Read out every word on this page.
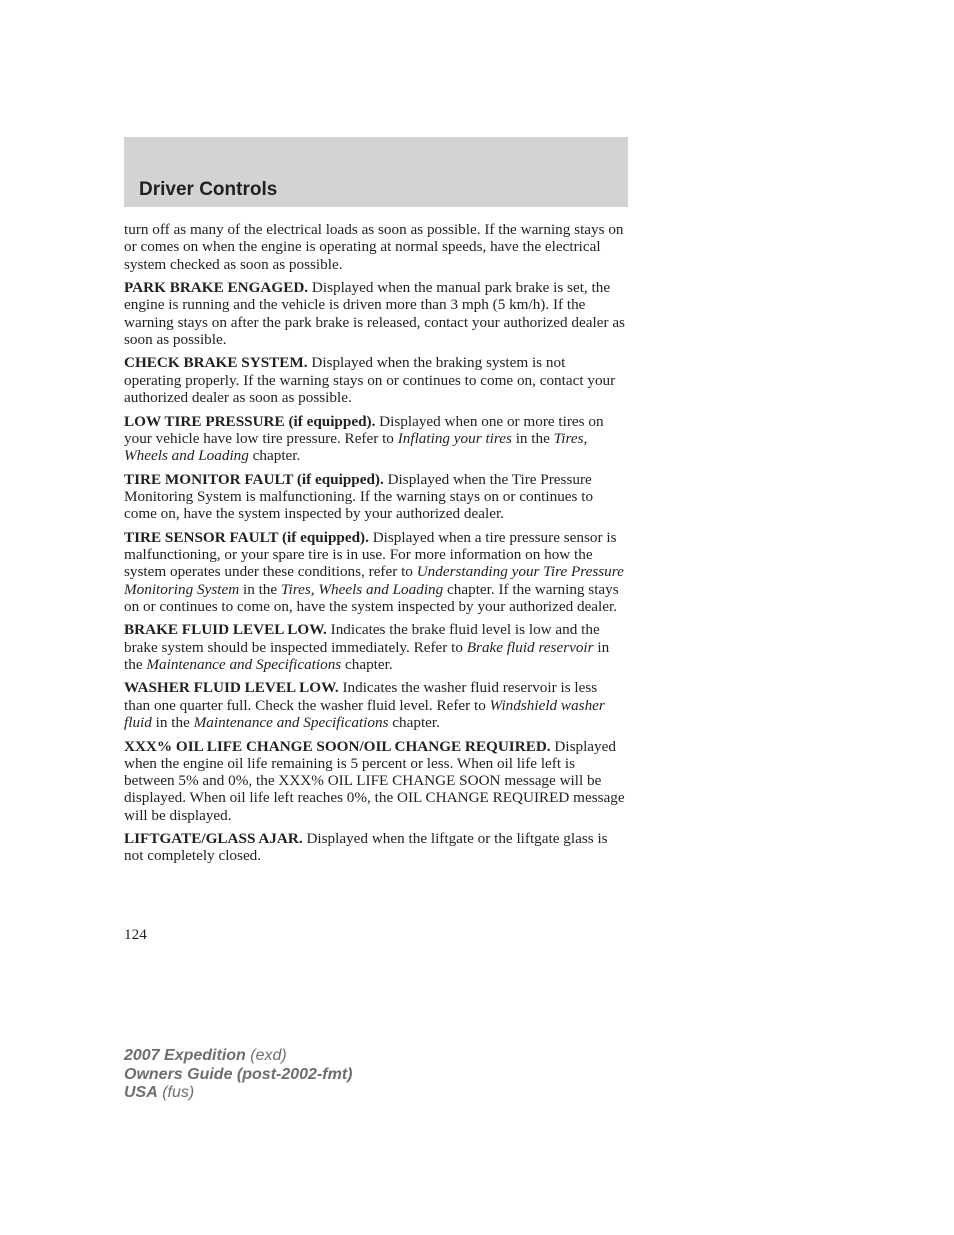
Driver Controls

turn off as many of the electrical loads as soon as possible. If the warning stays on or comes on when the engine is operating at normal speeds, have the electrical system checked as soon as possible.

PARK BRAKE ENGAGED. Displayed when the manual park brake is set, the engine is running and the vehicle is driven more than 3 mph (5 km/h). If the warning stays on after the park brake is released, contact your authorized dealer as soon as possible.

CHECK BRAKE SYSTEM. Displayed when the braking system is not operating properly. If the warning stays on or continues to come on, contact your authorized dealer as soon as possible.

LOW TIRE PRESSURE (if equipped). Displayed when one or more tires on your vehicle have low tire pressure. Refer to Inflating your tires in the Tires, Wheels and Loading chapter.

TIRE MONITOR FAULT (if equipped). Displayed when the Tire Pressure Monitoring System is malfunctioning. If the warning stays on or continues to come on, have the system inspected by your authorized dealer.

TIRE SENSOR FAULT (if equipped). Displayed when a tire pressure sensor is malfunctioning, or your spare tire is in use. For more information on how the system operates under these conditions, refer to Understanding your Tire Pressure Monitoring System in the Tires, Wheels and Loading chapter. If the warning stays on or continues to come on, have the system inspected by your authorized dealer.

BRAKE FLUID LEVEL LOW. Indicates the brake fluid level is low and the brake system should be inspected immediately. Refer to Brake fluid reservoir in the Maintenance and Specifications chapter.

WASHER FLUID LEVEL LOW. Indicates the washer fluid reservoir is less than one quarter full. Check the washer fluid level. Refer to Windshield washer fluid in the Maintenance and Specifications chapter.

XXX% OIL LIFE CHANGE SOON/OIL CHANGE REQUIRED. Displayed when the engine oil life remaining is 5 percent or less. When oil life left is between 5% and 0%, the XXX% OIL LIFE CHANGE SOON message will be displayed. When oil life left reaches 0%, the OIL CHANGE REQUIRED message will be displayed.

LIFTGATE/GLASS AJAR. Displayed when the liftgate or the liftgate glass is not completely closed.

124
2007 Expedition (exd)
Owners Guide (post-2002-fmt)
USA (fus)
